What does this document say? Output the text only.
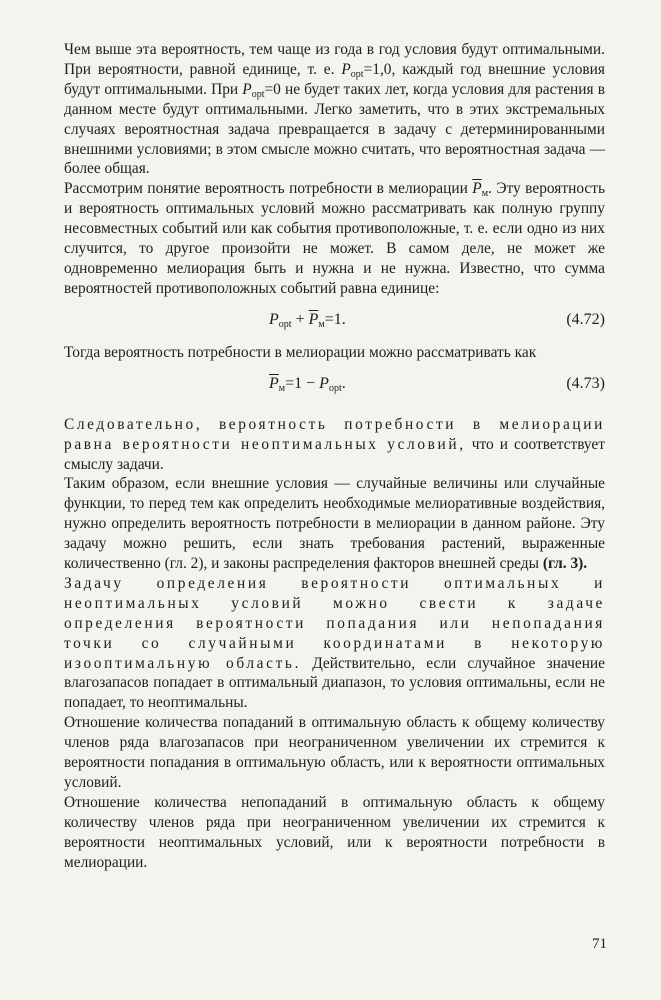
Чем выше эта вероятность, тем чаще из года в год условия будут оптимальными. При вероятности, равной единице, т. е. $P_{opt}=1,0$, каждый год внешние условия будут оптимальными. При $P_{opt}=0$ не будет таких лет, когда условия для растения в данном месте будут оптимальными. Легко заметить, что в этих экстремальных случаях вероятностная задача превращается в задачу с детерминированными внешними условиями; в этом смысле можно считать, что вероятностная задача — более общая.

Рассмотрим понятие вероятность потребности в мелиорации $\overline{P}_м$. Эту вероятность и вероятность оптимальных условий можно рассматривать как полную группу несовместных событий или как события противоположные, т. е. если одно из них случится, то другое произойти не может. В самом деле, не может же одновременно мелиорация быть и нужна и не нужна. Известно, что сумма вероятностей противоположных событий равна единице:

$P_{opt} + \overline{P}_м=1$.	(4.72)

Тогда вероятность потребности в мелиорации можно рассматривать как

$\overline{P}_м=1 - P_{opt}$.	(4.73)

Следовательно, вероятность потребности в мелиорации равна вероятности неоптимальных условий, что и соответствует смыслу задачи.

Таким образом, если внешние условия — случайные величины или случайные функции, то перед тем как определить необходимые мелиоративные воздействия, нужно определить вероятность потребности в мелиорации в данном районе. Эту задачу можно решить, если знать требования растений, выраженные количественно (гл. 2), и законы распределения факторов внешней среды (гл. 3).

Задачу определения вероятности оптимальных и неоптимальных условий можно свести к задаче определения вероятности попадания или непопадания точки со случайными координатами в некоторую изооптимальную область. Действительно, если случайное значение влагозапасов попадает в оптимальный диапазон, то условия оптимальны, если не попадает, то неоптимальны.

Отношение количества попаданий в оптимальную область к общему количеству членов ряда влагозапасов при неограниченном увеличении их стремится к вероятности попадания в оптимальную область, или к вероятности оптимальных условий.

Отношение количества непопаданий в оптимальную область к общему количеству членов ряда при неограниченном увеличении их стремится к вероятности неоптимальных условий, или к вероятности потребности в мелиорации.

71
